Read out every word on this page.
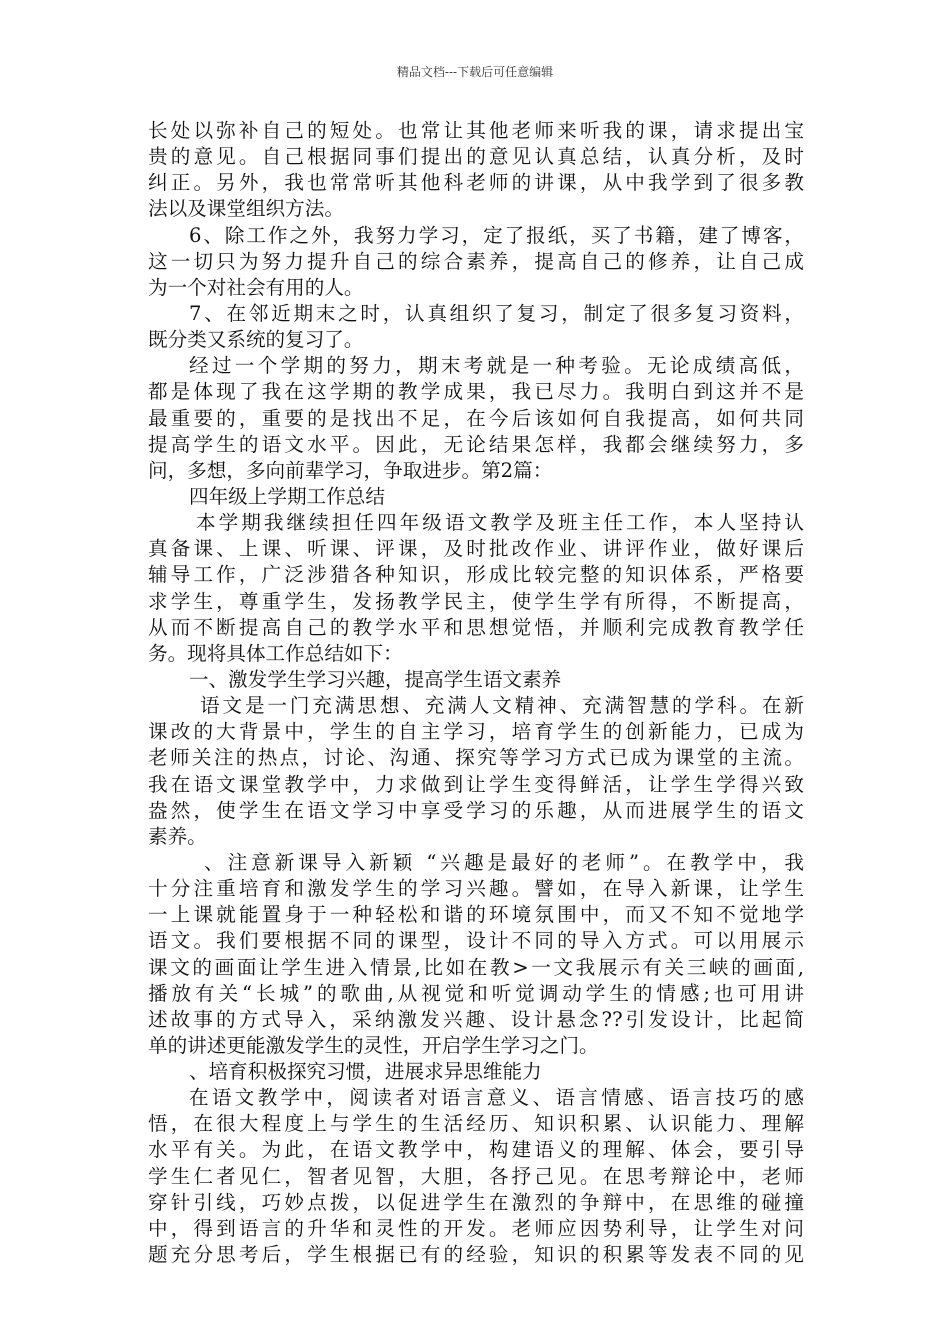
精品文档---下载后可任意编辑
长处以弥补自己的短处。也常让其他老师来听我的课，请求提出宝
贵的意见。自己根据同事们提出的意见认真总结，认真分析，及时
纠正。另外，我也常常听其他科老师的讲课，从中我学到了很多教
法以及课堂组织方法。
6、除工作之外，我努力学习，定了报纸，买了书籍，建了博客，
这一切只为努力提升自己的综合素养，提高自己的修养，让自己成
为一个对社会有用的人。
7、在邻近期末之时，认真组织了复习，制定了很多复习资料，
既分类又系统的复习了。
经过一个学期的努力，期末考就是一种考验。无论成绩高低，
都是体现了我在这学期的教学成果，我已尽力。我明白到这并不是
最重要的，重要的是找出不足，在今后该如何自我提高，如何共同
提高学生的语文水平。因此，无论结果怎样，我都会继续努力，多
问，多想，多向前辈学习，争取进步。第2篇：
四年级上学期工作总结
本学期我继续担任四年级语文教学及班主任工作，本人坚持认
真备课、上课、听课、评课，及时批改作业、讲评作业，做好课后
辅导工作，广泛涉猎各种知识，形成比较完整的知识体系，严格要
求学生，尊重学生，发扬教学民主，使学生学有所得，不断提高，
从而不断提高自己的教学水平和思想觉悟，并顺利完成教育教学任
务。现将具体工作总结如下：
一、激发学生学习兴趣，提高学生语文素养
语文是一门充满思想、充满人文精神、充满智慧的学科。在新
课改的大背景中，学生的自主学习，培育学生的创新能力，已成为
老师关注的热点，讨论、沟通、探究等学习方式已成为课堂的主流。
我在语文课堂教学中，力求做到让学生变得鲜活，让学生学得兴致
盎然，使学生在语文学习中享受学习的乐趣，从而进展学生的语文
素养。
、注意新课导入新颖 “兴趣是最好的老师”。在教学中，我
十分注重培育和激发学生的学习兴趣。譬如，在导入新课，让学生
一上课就能置身于一种轻松和谐的环境氛围中，而又不知不觉地学
语文。我们要根据不同的课型，设计不同的导入方式。可以用展示
课文的画面让学生进入情景,比如在教>一文我展示有关三峡的画面,
播放有关“长城”的歌曲,从视觉和听觉调动学生的情感;也可用讲
述故事的方式导入，采纳激发兴趣、设计悬念??引发设计，比起简
单的讲述更能激发学生的灵性，开启学生学习之门。
、培育积极探究习惯，进展求异思维能力
在语文教学中，阅读者对语言意义、语言情感、语言技巧的感
悟，在很大程度上与学生的生活经历、知识积累、认识能力、理解
水平有关。为此，在语文教学中，构建语义的理解、体会，要引导
学生仁者见仁，智者见智，大胆，各抒己见。在思考辩论中，老师
穿针引线，巧妙点拨，以促进学生在激烈的争辩中，在思维的碰撞
中，得到语言的升华和灵性的开发。老师应因势利导，让学生对问
题充分思考后，学生根据已有的经验，知识的积累等发表不同的见
